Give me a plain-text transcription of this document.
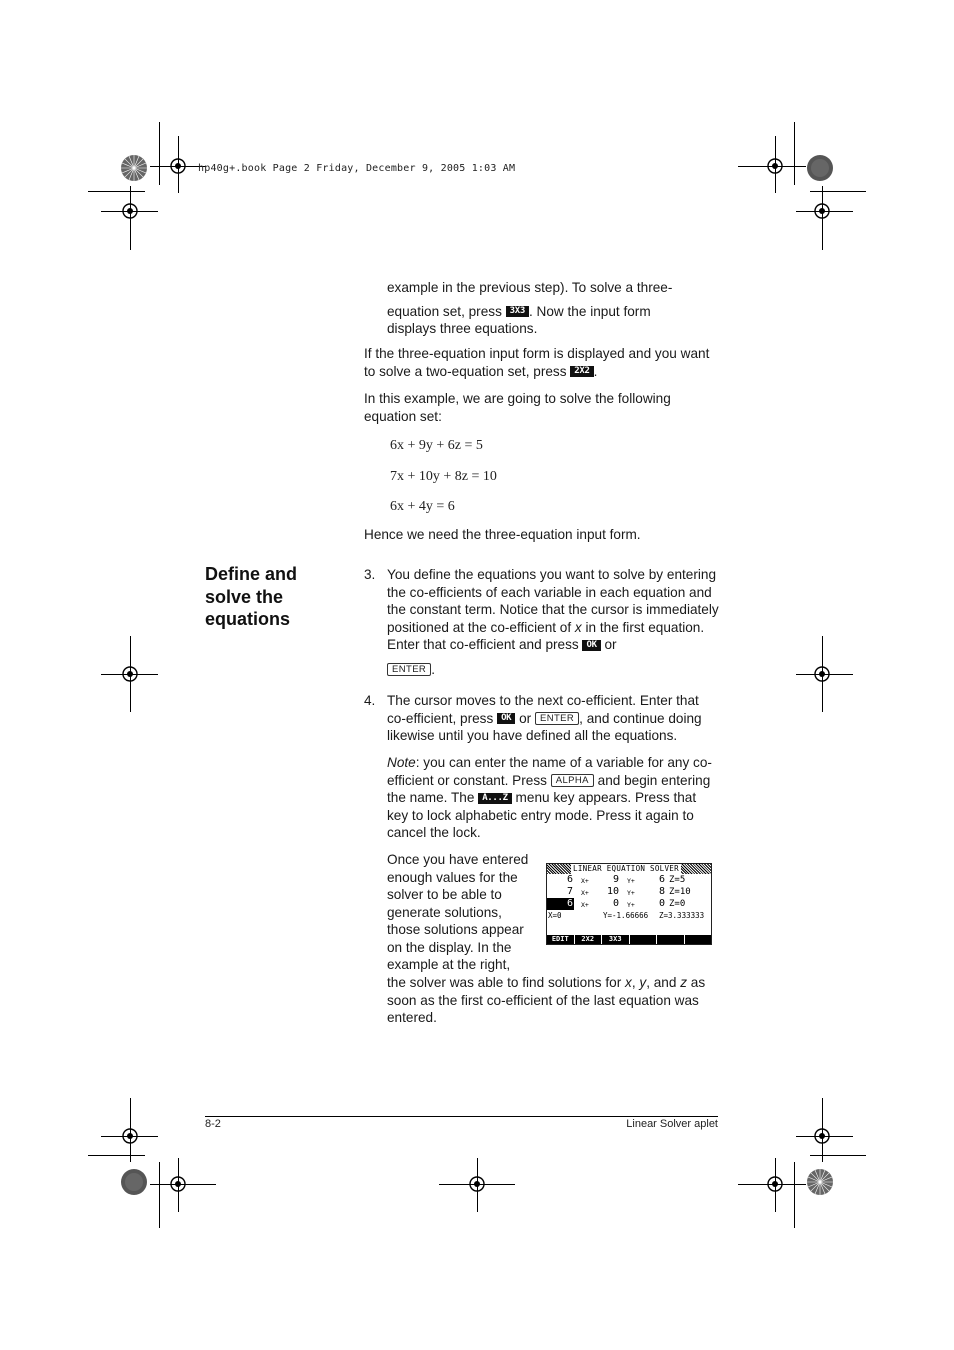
hp40g+.book Page 2 Friday, December 9, 2005 1:03 AM

example in the previous step). To solve a three-

equation set, press 3X3 . Now the input form

displays three equations.

If the three-equation input form is displayed and you want to solve a two-equation set, press 2X2 .
In this example, we are going to solve the following equation set:
6x + 9y + 6z = 5
7x + 10y + 8z = 10
6x + 4y = 6
Hence we need the three-equation input form.
Define and solve the equations
3. You define the equations you want to solve by entering the co-efficients of each variable in each equation and the constant term. Notice that the cursor is immediately positioned at the co-efficient of x in the first equation. Enter that co-efficient and press OK or
ENTER .
4. The cursor moves to the next co-efficient. Enter that co-efficient, press OK or ENTER , and continue doing likewise until you have defined all the equations.
Note: you can enter the name of a variable for any co-efficient or constant. Press ALPHA and begin entering the name. The A...Z menu key appears. Press that key to lock alphabetic entry mode. Press it again to cancel the lock.
Once you have entered
enough values for the
solver to be able to
generate solutions,
those solutions appear
on the display. In the
example at the right,
the solver was able to find solutions for x, y, and z as soon as the first co-efficient of the last equation was entered.
LINEAR EQUATION SOLVER
6 X+ 9 Y+ 6 Z=5
7 X+ 10 Y+ 8 Z=10
6 X+ 0 Y+ 0 Z=0
X=0	Y=-1.66666 Z=3.333333
EDIT	2X2	3X3
8-2	Linear Solver aplet
